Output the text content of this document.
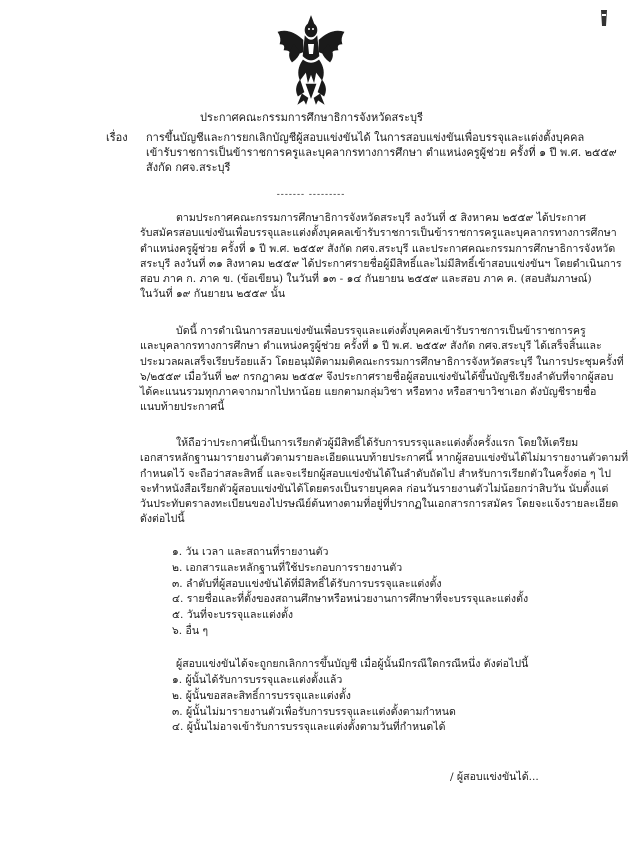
ประกาศคณะกรรมการศึกษาธิการจังหวัดสระบุรี
เรื่อง การขึ้นบัญชีและการยกเลิกบัญชีผู้สอบแข่งขันได้ ในการสอบแข่งขันเพื่อบรรจุและแต่งตั้งบุคคล
เข้ารับราชการเป็นข้าราชการครูและบุคลากรทางการศึกษา ตำแหน่งครูผู้ช่วย ครั้งที่ ๑ ปี พ.ศ. ๒๕๕๙
สังกัด กศจ.สระบุรี
------- ---------
ตามประกาศคณะกรรมการศึกษาธิการจังหวัดสระบุรี ลงวันที่ ๕ สิงหาคม ๒๕๕๙ ได้ประกาศ
รับสมัครสอบแข่งขันเพื่อบรรจุและแต่งตั้งบุคคลเข้ารับราชการเป็นข้าราชการครูและบุคลากรทางการศึกษา
ตำแหน่งครูผู้ช่วย ครั้งที่ ๑ ปี พ.ศ. ๒๕๕๙ สังกัด กศจ.สระบุรี และประกาศคณะกรรมการศึกษาธิการจังหวัด
สระบุรี ลงวันที่ ๓๑ สิงหาคม ๒๕๕๙ ได้ประกาศรายชื่อผู้มีสิทธิ์และไม่มีสิทธิ์เข้าสอบแข่งขันฯ โดยดำเนินการ
สอบ ภาค ก. ภาค ข. (ข้อเขียน) ในวันที่ ๑๓ - ๑๔ กันยายน ๒๕๕๙ และสอบ ภาค ค. (สอบสัมภาษณ์)
ในวันที่ ๑๙ กันยายน ๒๕๕๙ นั้น
บัดนี้ การดำเนินการสอบแข่งขันเพื่อบรรจุและแต่งตั้งบุคคลเข้ารับราชการเป็นข้าราชการครู
และบุคลากรทางการศึกษา ตำแหน่งครูผู้ช่วย ครั้งที่ ๑ ปี พ.ศ. ๒๕๕๙ สังกัด กศจ.สระบุรี ได้เสร็จสิ้นและ
ประมวลผลเสร็จเรียบร้อยแล้ว โดยอนุมัติตามมติคณะกรรมการศึกษาธิการจังหวัดสระบุรี ในการประชุมครั้งที่
๖/๒๕๕๙ เมื่อวันที่ ๒๙ กรกฎาคม ๒๕๕๙ จึงประกาศรายชื่อผู้สอบแข่งขันได้ขึ้นบัญชีเรียงลำดับที่จากผู้สอบ
ได้คะแนนรวมทุกภาคจากมากไปหาน้อย แยกตามกลุ่มวิชา หรือทาง หรือสาขาวิชาเอก ดังบัญชีรายชื่อ
แนบท้ายประกาศนี้
ให้ถือว่าประกาศนี้เป็นการเรียกตัวผู้มีสิทธิ์ได้รับการบรรจุและแต่งตั้งครั้งแรก โดยให้เตรียม
เอกสารหลักฐานมารายงานตัวตามรายละเอียดแนบท้ายประกาศนี้ หากผู้สอบแข่งขันได้ไม่มารายงานตัวตามที่
กำหนดไว้ จะถือว่าสละสิทธิ์ และจะเรียกผู้สอบแข่งขันได้ในลำดับถัดไป สำหรับการเรียกตัวในครั้งต่อ ๆ ไป
จะทำหนังสือเรียกตัวผู้สอบแข่งขันได้โดยตรงเป็นรายบุคคล ก่อนวันรายงานตัวไม่น้อยกว่าสิบวัน นับตั้งแต่
วันประทับตราลงทะเบียนของไปรษณีย์ต้นทางตามที่อยู่ที่ปรากฏในเอกสารการสมัคร โดยจะแจ้งรายละเอียด
ดังต่อไปนี้
๑. วัน เวลา และสถานที่รายงานตัว
๒. เอกสารและหลักฐานที่ใช้ประกอบการรายงานตัว
๓. ลำดับที่ผู้สอบแข่งขันได้ที่มีสิทธิ์ได้รับการบรรจุและแต่งตั้ง
๔. รายชื่อและที่ตั้งของสถานศึกษาหรือหน่วยงานการศึกษาที่จะบรรจุและแต่งตั้ง
๕. วันที่จะบรรจุและแต่งตั้ง
๖. อื่น ๆ
ผู้สอบแข่งขันได้จะถูกยกเลิกการขึ้นบัญชี เมื่อผู้นั้นมีกรณีใดกรณีหนึ่ง ดังต่อไปนี้
๑. ผู้นั้นได้รับการบรรจุและแต่งตั้งแล้ว
๒. ผู้นั้นขอสละสิทธิ์การบรรจุและแต่งตั้ง
๓. ผู้นั้นไม่มารายงานตัวเพื่อรับการบรรจุและแต่งตั้งตามกำหนด
๔. ผู้นั้นไม่อาจเข้ารับการบรรจุและแต่งตั้งตามวันที่กำหนดได้
/ ผู้สอบแข่งขันได้...
